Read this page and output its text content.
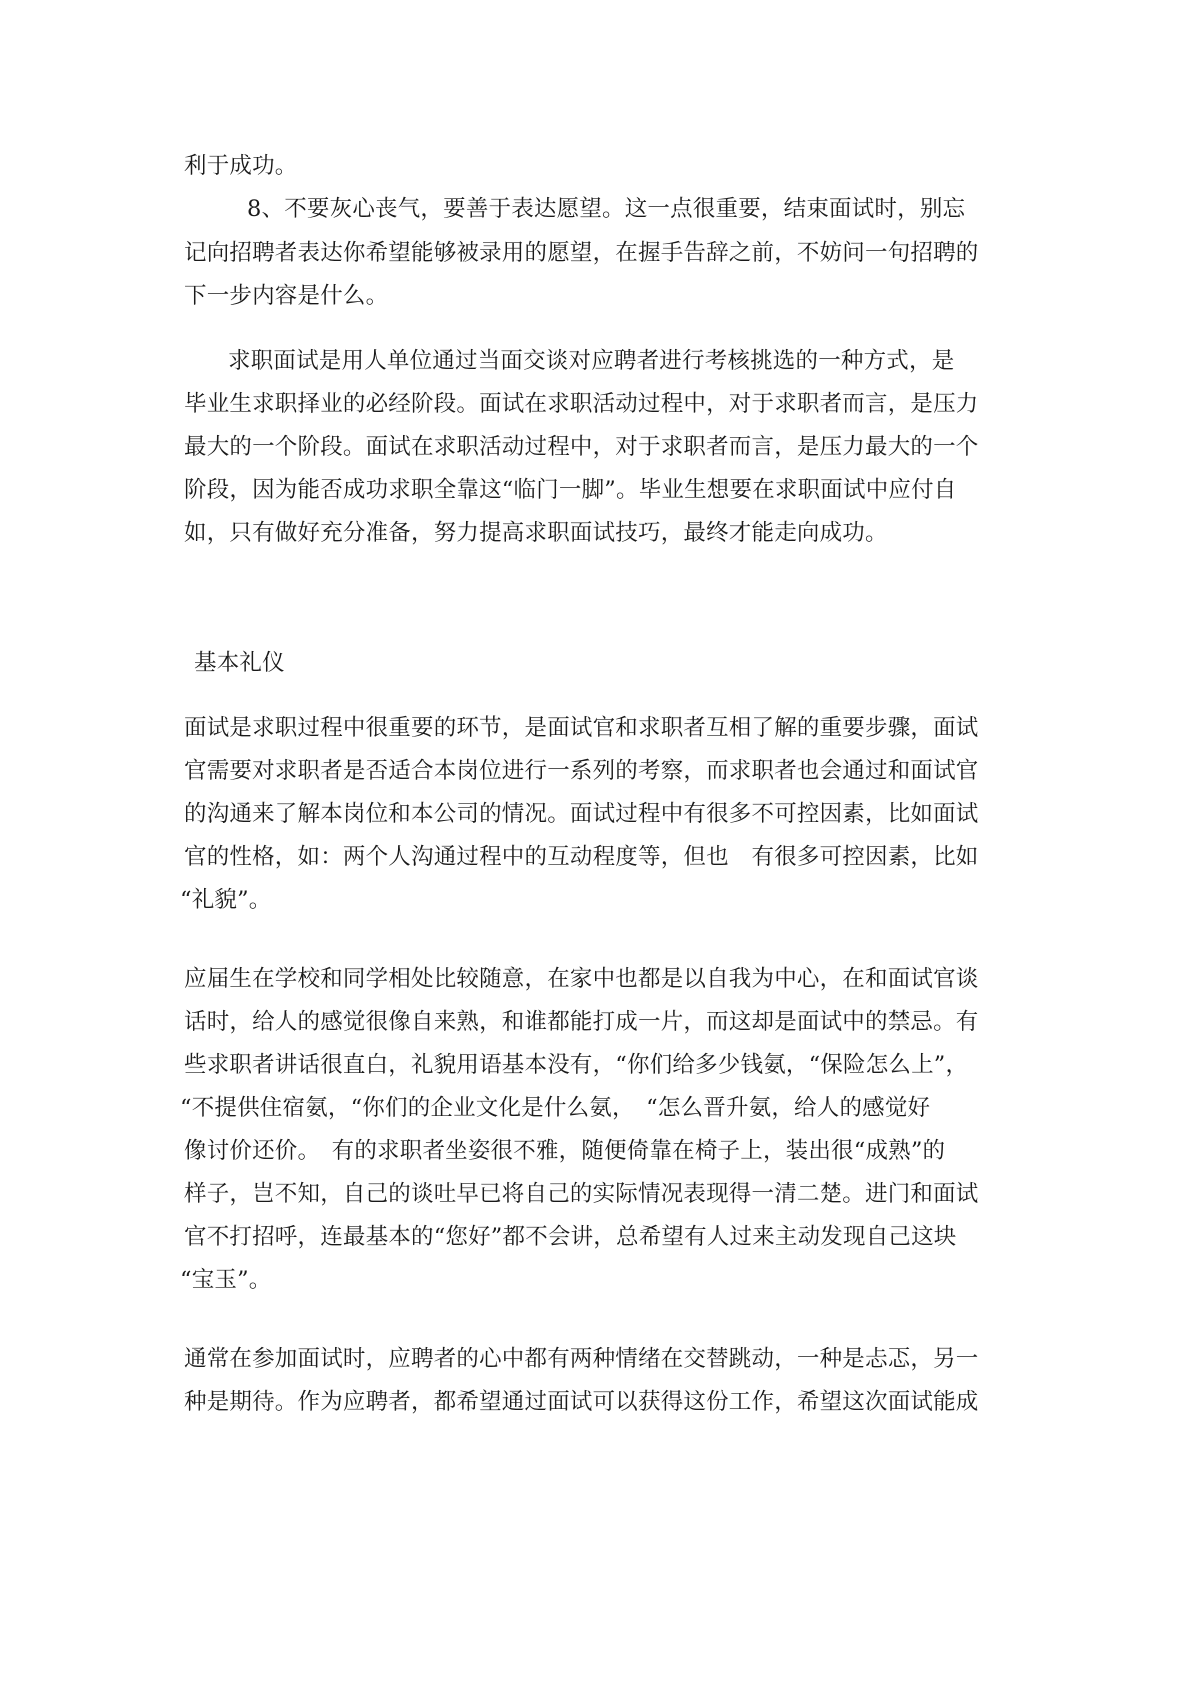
利于成功。
8、不要灰心丧气，要善于表达愿望。这一点很重要，结束面试时，别忘
记向招聘者表达你希望能够被录用的愿望，在握手告辞之前，不妨问一句招聘的
下一步内容是什么。
求职面试是用人单位通过当面交谈对应聘者进行考核挑选的一种方式，是
毕业生求职择业的必经阶段。面试在求职活动过程中，对于求职者而言，是压力
最大的一个阶段。面试在求职活动过程中，对于求职者而言，是压力最大的一个
阶段，因为能否成功求职全靠这“临门一脚”。毕业生想要在求职面试中应付自
如，只有做好充分准备，努力提高求职面试技巧，最终才能走向成功。
基本礼仪
面试是求职过程中很重要的环节，是面试官和求职者互相了解的重要步骤，面试
官需要对求职者是否适合本岗位进行一系列的考察，而求职者也会通过和面试官
的沟通来了解本岗位和本公司的情况。面试过程中有很多不可控因素，比如面试
官的性格，如：两个人沟通过程中的互动程度等，但也　有很多可控因素，比如
“礼貌”。
应届生在学校和同学相处比较随意，在家中也都是以自我为中心，在和面试官谈
话时，给人的感觉很像自来熟，和谁都能打成一片，而这却是面试中的禁忌。有
些求职者讲话很直白，礼貌用语基本没有，“你们给多少钱氨，“保险怎么上”，
“不提供住宿氨，“你们的企业文化是什么氨，　“怎么晋升氨，给人的感觉好
像讨价还价。　有的求职者坐姿很不雅，随便倚靠在椅子上，装出很“成熟”的
样子，岂不知，自己的谈吐早已将自己的实际情况表现得一清二楚。进门和面试
官不打招呼，连最基本的“您好”都不会讲，总希望有人过来主动发现自己这块
“宝玉”。
通常在参加面试时，应聘者的心中都有两种情绪在交替跳动，一种是忐忑，另一
种是期待。作为应聘者，都希望通过面试可以获得这份工作，希望这次面试能成
